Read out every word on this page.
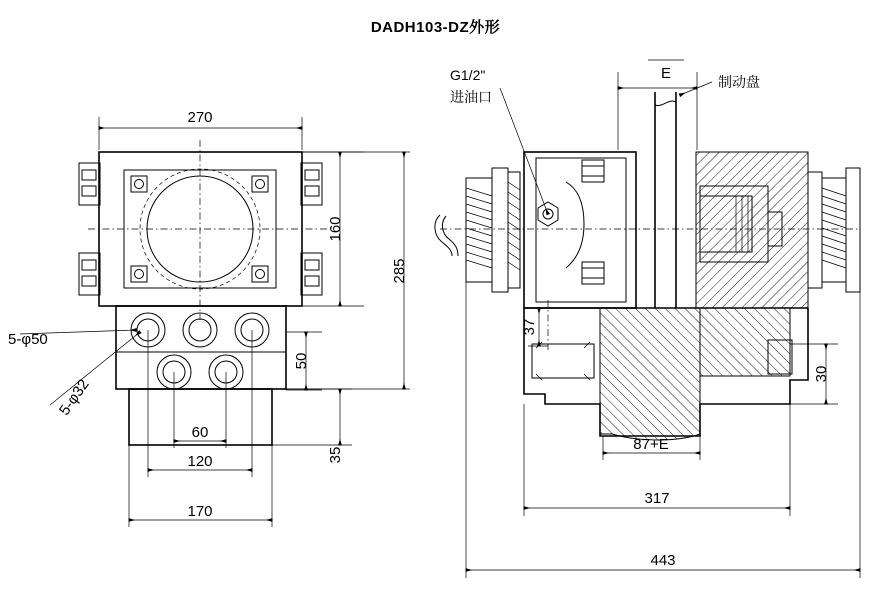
DADH103-DZ外形
270
160
285
50
35
60
120
170
5-φ50
5-φ32
E	制动盘
G1/2"
进油口
37
30
87+E
317
443
